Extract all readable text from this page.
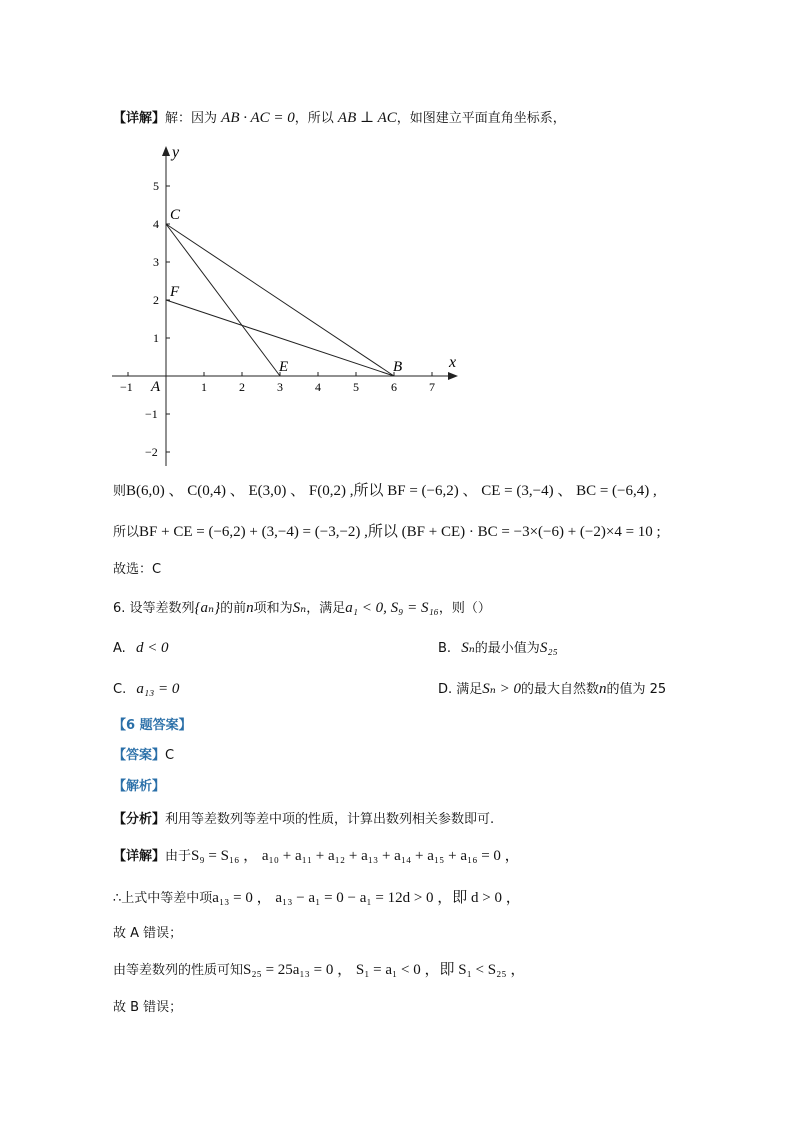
【详解】解：因为 AB · AC = 0，所以 AB ⊥ AC，如图建立平面直角坐标系，
x
y
−1	1	2	3	4	5	6	7
5
4
3
2
1
−1
−2
C
F
E	B
A
则B(6,0) 、 C(0,4) 、 E(3,0) 、 F(0,2) ,所以 BF = (−6,2) 、 CE = (3,−4) 、 BC = (−6,4) ,
所以BF + CE = (−6,2) + (3,−4) = (−3,−2) ,所以 (BF + CE) · BC = −3×(−6) + (−2)×4 = 10 ;
故选：C
6. 设等差数列{aₙ}的前n项和为Sₙ，满足a₁ < 0, S₉ = S₁₆，则（）
A. d < 0	B. Sₙ的最小值为S₂₅
C. a₁₃ = 0	D. 满足Sₙ > 0的最大自然数n的值为 25
【6 题答案】
【答案】C
【解析】
【分析】利用等差数列等差中项的性质，计算出数列相关参数即可.
【详解】由于S₉ = S₁₆ ， a₁₀ + a₁₁ + a₁₂ + a₁₃ + a₁₄ + a₁₅ + a₁₆ = 0 ，
∴上式中等差中项a₁₃ = 0 ， a₁₃ − a₁ = 0 − a₁ = 12d > 0 ，即 d > 0 ，
故 A 错误；
由等差数列的性质可知S₂₅ = 25a₁₃ = 0 ， S₁ = a₁ < 0 ，即 S₁ < S₂₅ ，
故 B 错误；
